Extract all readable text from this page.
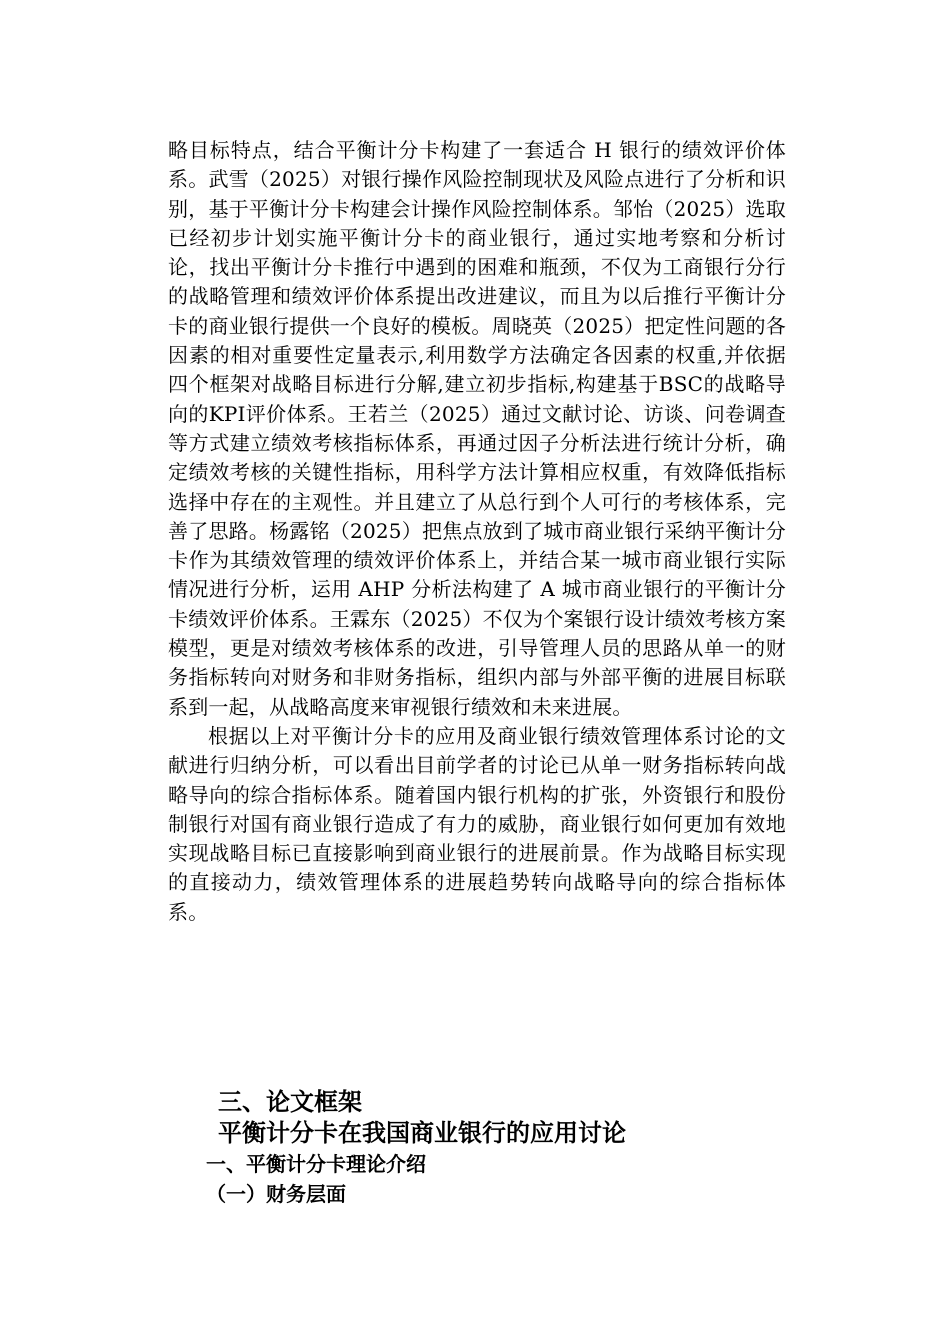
略目标特点，结合平衡计分卡构建了一套适合 H 银行的绩效评价体系。武雪（2025）对银行操作风险控制现状及风险点进行了分析和识别，基于平衡计分卡构建会计操作风险控制体系。邹怡（2025）选取已经初步计划实施平衡计分卡的商业银行，通过实地考察和分析讨论，找出平衡计分卡推行中遇到的困难和瓶颈，不仅为工商银行分行的战略管理和绩效评价体系提出改进建议，而且为以后推行平衡计分卡的商业银行提供一个良好的模板。周晓英（2025）把定性问题的各因素的相对重要性定量表示,利用数学方法确定各因素的权重,并依据四个框架对战略目标进行分解,建立初步指标,构建基于BSC的战略导向的KPI评价体系。王若兰（2025）通过文献讨论、访谈、问卷调查等方式建立绩效考核指标体系，再通过因子分析法进行统计分析，确定绩效考核的关键性指标，用科学方法计算相应权重，有效降低指标选择中存在的主观性。并且建立了从总行到个人可行的考核体系，完善了思路。杨露铭（2025）把焦点放到了城市商业银行采纳平衡计分卡作为其绩效管理的绩效评价体系上，并结合某一城市商业银行实际情况进行分析，运用 AHP 分析法构建了 A 城市商业银行的平衡计分卡绩效评价体系。王霖东（2025）不仅为个案银行设计绩效考核方案模型，更是对绩效考核体系的改进，引导管理人员的思路从单一的财务指标转向对财务和非财务指标，组织内部与外部平衡的进展目标联系到一起，从战略高度来审视银行绩效和未来进展。

根据以上对平衡计分卡的应用及商业银行绩效管理体系讨论的文献进行归纳分析，可以看出目前学者的讨论已从单一财务指标转向战略导向的综合指标体系。随着国内银行机构的扩张，外资银行和股份制银行对国有商业银行造成了有力的威胁，商业银行如何更加有效地实现战略目标已直接影响到商业银行的进展前景。作为战略目标实现的直接动力，绩效管理体系的进展趋势转向战略导向的综合指标体系。

三、论文框架
平衡计分卡在我国商业银行的应用讨论
一、平衡计分卡理论介绍
（一）财务层面
